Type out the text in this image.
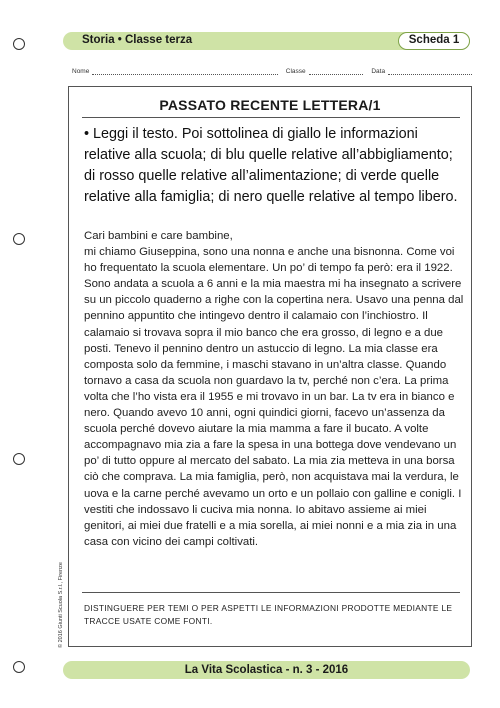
Storia • Classe terza	Scheda 1
Nome	Classe	Data
PASSATO RECENTE LETTERA/1
• Leggi il testo. Poi sottolinea di giallo le informazioni relative alla scuola; di blu quelle relative all’abbigliamento; di rosso quelle relative all’alimentazione; di verde quelle relative alla famiglia; di nero quelle relative al tempo libero.

Cari bambini e care bambine,

mi chiamo Giuseppina, sono una nonna e anche una bisnonna. Come voi ho frequentato la scuola elementare. Un po’ di tempo fa però: era il 1922. Sono andata a scuola a 6 anni e la mia maestra mi ha insegnato a scrivere su un piccolo quaderno a righe con la copertina nera. Usavo una penna dal pennino appuntito che intingevo dentro il calamaio con l’inchiostro. Il calamaio si trovava sopra il mio banco che era grosso, di legno e a due posti. Tenevo il pennino dentro un astuccio di legno. La mia classe era composta solo da femmine, i maschi stavano in un’altra classe. Quando tornavo a casa da scuola non guardavo la tv, perché non c’era. La prima volta che l’ho vista era il 1955 e mi trovavo in un bar. La tv era in bianco e nero. Quando avevo 10 anni, ogni quindici giorni, facevo un’assenza da scuola perché dovevo aiutare la mia mamma a fare il bucato. A volte accompagnavo mia zia a fare la spesa in una bottega dove vendevano un po’ di tutto oppure al mercato del sabato. La mia zia metteva in una borsa ciò che comprava. La mia famiglia, però, non acquistava mai la verdura, le uova e la carne perché avevamo un orto e un pollaio con galline e conigli. I vestiti che indossavo li cuciva mia nonna. Io abitavo assieme ai miei genitori, ai miei due fratelli e a mia sorella, ai miei nonni e a mia zia in una casa con vicino dei campi coltivati.

DISTINGUERE PER TEMI O PER ASPETTI LE INFORMAZIONI PRODOTTE MEDIANTE LE TRACCE USATE COME FONTI.
© 2016 Giunti Scuola S.r.l., Firenze
La Vita Scolastica - n. 3 - 2016
